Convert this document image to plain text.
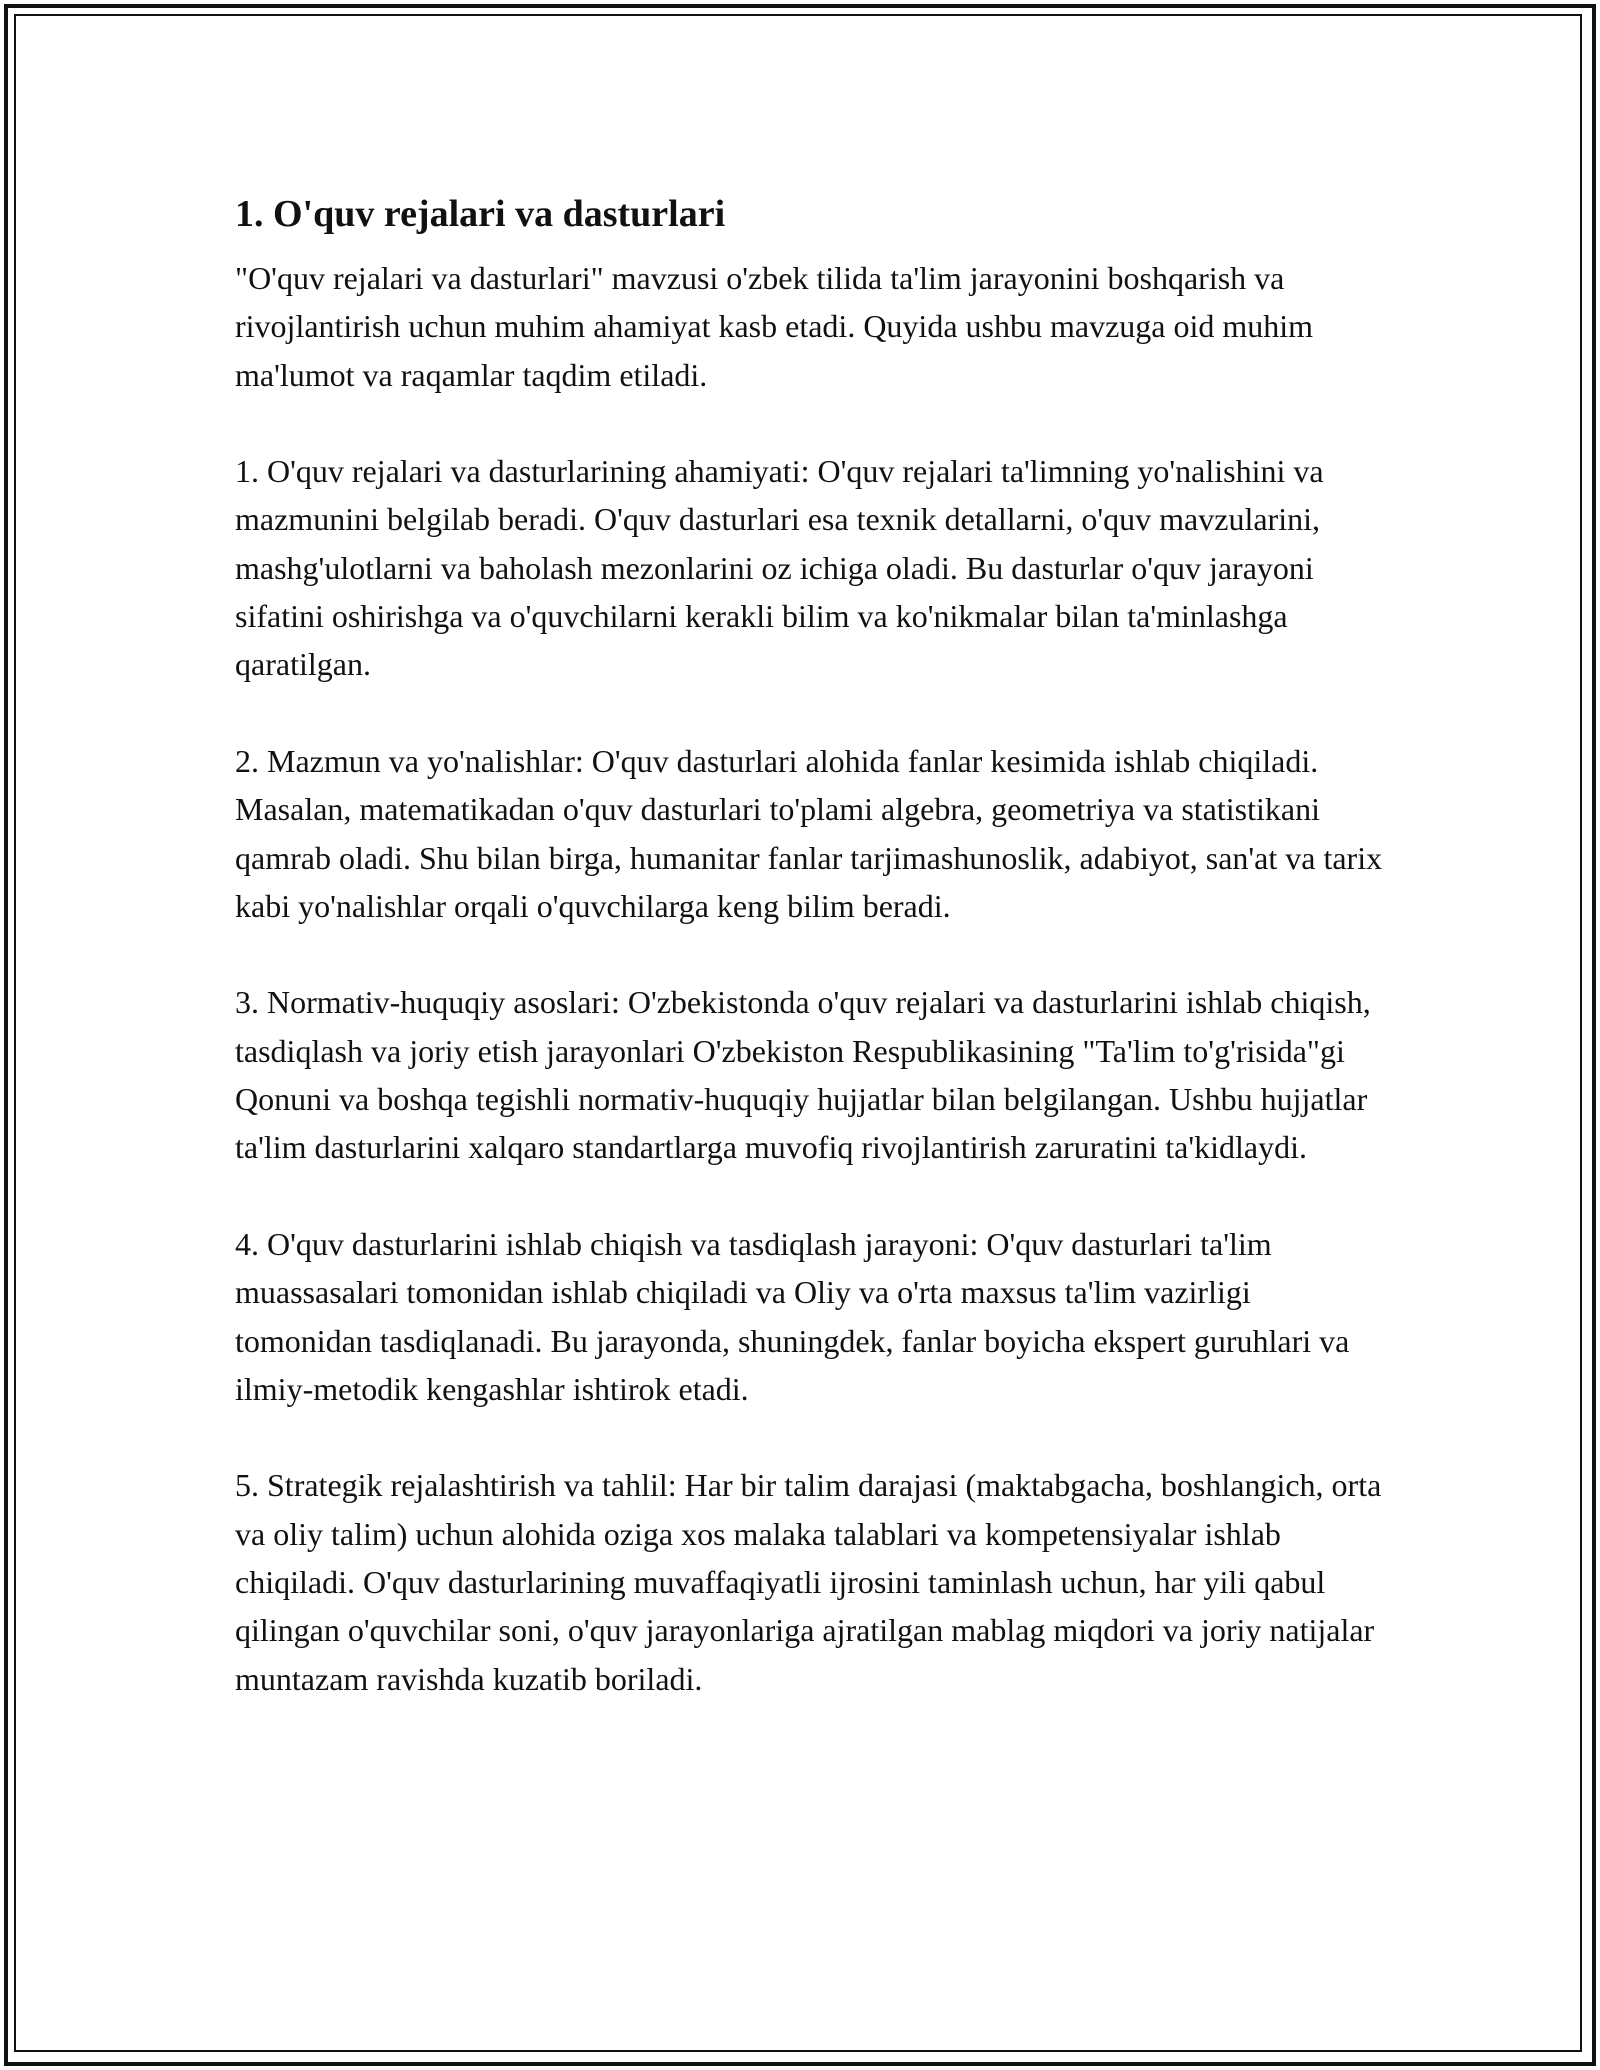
1. O'quv rejalari va dasturlari

"O'quv rejalari va dasturlari" mavzusi o'zbek tilida ta'lim jarayonini boshqarish va rivojlantirish uchun muhim ahamiyat kasb etadi. Quyida ushbu mavzuga oid muhim ma'lumot va raqamlar taqdim etiladi.

1. O'quv rejalari va dasturlarining ahamiyati: O'quv rejalari ta'limning yo'nalishini va mazmunini belgilab beradi. O'quv dasturlari esa texnik detallarni, o'quv mavzularini, mashg'ulotlarni va baholash mezonlarini oz ichiga oladi. Bu dasturlar o'quv jarayoni sifatini oshirishga va o'quvchilarni kerakli bilim va ko'nikmalar bilan ta'minlashga qaratilgan.

2. Mazmun va yo'nalishlar: O'quv dasturlari alohida fanlar kesimida ishlab chiqiladi. Masalan, matematikadan o'quv dasturlari to'plami algebra, geometriya va statistikani qamrab oladi. Shu bilan birga, humanitar fanlar tarjimashunoslik, adabiyot, san'at va tarix kabi yo'nalishlar orqali o'quvchilarga keng bilim beradi.

3. Normativ-huquqiy asoslari: O'zbekistonda o'quv rejalari va dasturlarini ishlab chiqish, tasdiqlash va joriy etish jarayonlari O'zbekiston Respublikasining "Ta'lim to'g'risida"gi Qonuni va boshqa tegishli normativ-huquqiy hujjatlar bilan belgilangan. Ushbu hujjatlar ta'lim dasturlarini xalqaro standartlarga muvofiq rivojlantirish zaruratini ta'kidlaydi.

4. O'quv dasturlarini ishlab chiqish va tasdiqlash jarayoni: O'quv dasturlari ta'lim muassasalari tomonidan ishlab chiqiladi va Oliy va o'rta maxsus ta'lim vazirligi tomonidan tasdiqlanadi. Bu jarayonda, shuningdek, fanlar boyicha ekspert guruhlari va ilmiy-metodik kengashlar ishtirok etadi.

5. Strategik rejalashtirish va tahlil: Har bir talim darajasi (maktabgacha, boshlangich, orta va oliy talim) uchun alohida oziga xos malaka talablari va kompetensiyalar ishlab chiqiladi. O'quv dasturlarining muvaffaqiyatli ijrosini taminlash uchun, har yili qabul qilingan o'quvchilar soni, o'quv jarayonlariga ajratilgan mablag miqdori va joriy natijalar muntazam ravishda kuzatib boriladi.
